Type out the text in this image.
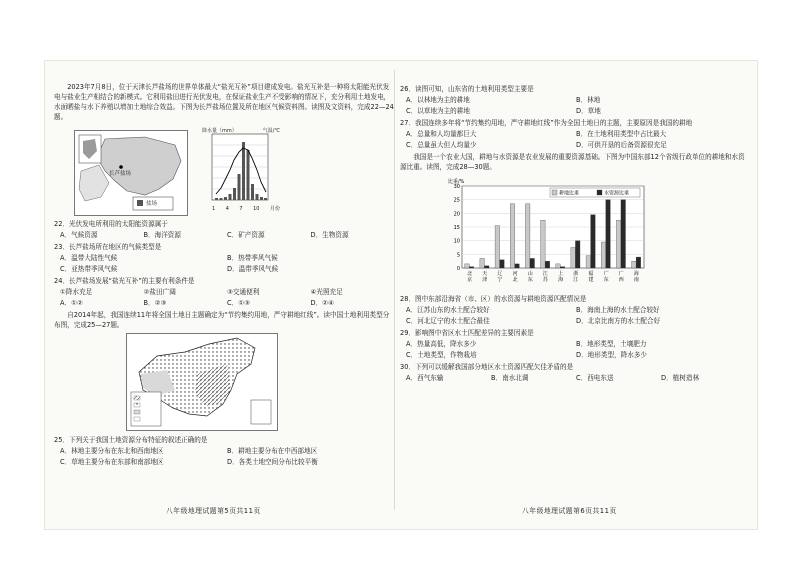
2023年7月8日，位于天津长芦盐场的世界单体最大“盐光互补”项目建成发电。盐光互补是一种将太阳能光伏发电与盐业生产相结合的新模式。它利用盐田进行光伏发电，在保证盐业生产不受影响的情况下，充分利用土地发电，水面晒盐与水下养殖以增加土地综合效益。下图为长芦盐场位置及所在地区气候资料图。读图及文资料，完成22—24题。

长芦盐场
盐场
降水量（mm）	气温/℃
1 4 7 10 月份

22．光伏发电所利用的太阳能资源属于

A．气候资源	B．海洋资源	C．矿产资源	D．生物资源

23．长芦盐场所在地区的气候类型是

A．温带大陆性气候	B．热带季风气候
C．亚热带季风气候	D．温带季风气候

24．长芦盐场发展“盐光互补”的主要有利条件是

①降水充足	②盐田广阔	③交通便利	④光照充足
A．①②	B．②③	C．①③	D．②④

自2014年起，我国连续11年将全国土地日主题确定为“节约集约用地，严守耕地红线”。读中国土地利用类型分布图，完成25—27题。

25．下列关于我国土地资源分布特征的叙述正确的是

A．林地主要分布在东北和西南地区	B．耕地主要分布在中西部地区
C．草地主要分布在东部和南部地区	D．各类土地空间分布比较平衡
八年级地理试题第5页共11页

26．读图可知，山东省的土地利用类型主要是

A．以林地为主的耕地	B．林地
C．以草地为主的耕地	D．草地

27．我国连续多年将“节约集约用地，严守耕地红线”作为全国土地日的主题，主要原因是我国的耕地

A．总量和人均量都巨大	B．在土地利用类型中占比最大
C．总量虽大但人均量少	D．可供开垦的后备资源很充足

我国是一个农业大国，耕地与水资源是农业发展的重要资源基础。下图为中国东部12个省级行政单位的耕地和水资源比重。读图，完成28—30题。

0
5
10
15
20
25
30
比重/%
北
京
天
津
辽
宁
河
北
山
东
江
苏
上
海
浙
江
福
建
广
东
广
西
海
南
耕地比重	水资源比重

28．图中东部沿海省（市、区）的水资源与耕地资源匹配情况是

A．江苏山东的水土配合较好	B．海南上海的水土配合较好
C．河北辽宁的水土配合最佳	D．北京比南方的水土配合好

29．影响图中省区水土匹配差异的主要因素是

A．热量高低，降水多少	B．地形类型，土壤肥力
C．土地类型，作物栽培	D．地形类型，降水多少

30．下列可以缓解我国部分地区水土资源匹配欠佳矛盾的是

A．西气东输	B．南水北调	C．西电东送	D．植树造林
八年级地理试题第6页共11页
